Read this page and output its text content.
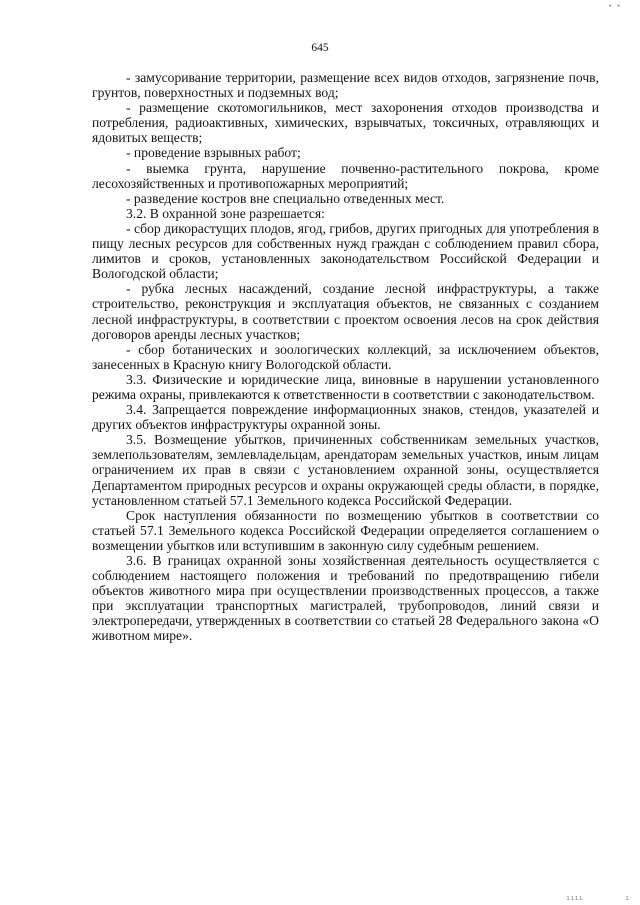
645

- замусоривание территории, размещение всех видов отходов, загрязнение почв, грунтов, поверхностных и подземных вод;

- размещение скотомогильников, мест захоронения отходов производства и потребления, радиоактивных, химических, взрывчатых, токсичных, отравляющих и ядовитых веществ;

- проведение взрывных работ;

- выемка грунта, нарушение почвенно-растительного покрова, кроме лесохозяйственных и противопожарных мероприятий;

- разведение костров вне специально отведенных мест.

3.2. В охранной зоне разрешается:

- сбор дикорастущих плодов, ягод, грибов, других пригодных для употребления в пищу лесных ресурсов для собственных нужд граждан с соблюдением правил сбора, лимитов и сроков, установленных законодательством Российской Федерации и Вологодской области;

- рубка лесных насаждений, создание лесной инфраструктуры, а также строительство, реконструкция и эксплуатация объектов, не связанных с созданием лесной инфраструктуры, в соответствии с проектом освоения лесов на срок действия договоров аренды лесных участков;

- сбор ботанических и зоологических коллекций, за исключением объектов, занесенных в Красную книгу Вологодской области.

3.3. Физические и юридические лица, виновные в нарушении установленного режима охраны, привлекаются к ответственности в соответствии с законодательством.

3.4. Запрещается повреждение информационных знаков, стендов, указателей и других объектов инфраструктуры охранной зоны.

3.5. Возмещение убытков, причиненных собственникам земельных участков, землепользователям, землевладельцам, арендаторам земельных участков, иным лицам ограничением их прав в связи с установлением охранной зоны, осуществляется Департаментом природных ресурсов и охраны окружающей среды области, в порядке, установленном статьей 57.1 Земельного кодекса Российской Федерации.

Срок наступления обязанности по возмещению убытков в соответствии со статьей 57.1 Земельного кодекса Российской Федерации определяется соглашением о возмещении убытков или вступившим в законную силу судебным решением.

3.6. В границах охранной зоны хозяйственная деятельность осуществляется с соблюдением настоящего положения и требований по предотвращению гибели объектов животного мира при осуществлении производственных процессов, а также при эксплуатации транспортных магистралей, трубопроводов, линий связи и электропередачи, утвержденных в соответствии со статьей 28 Федерального закона «О животном мире».

∙ ∙
ıııı	ı
